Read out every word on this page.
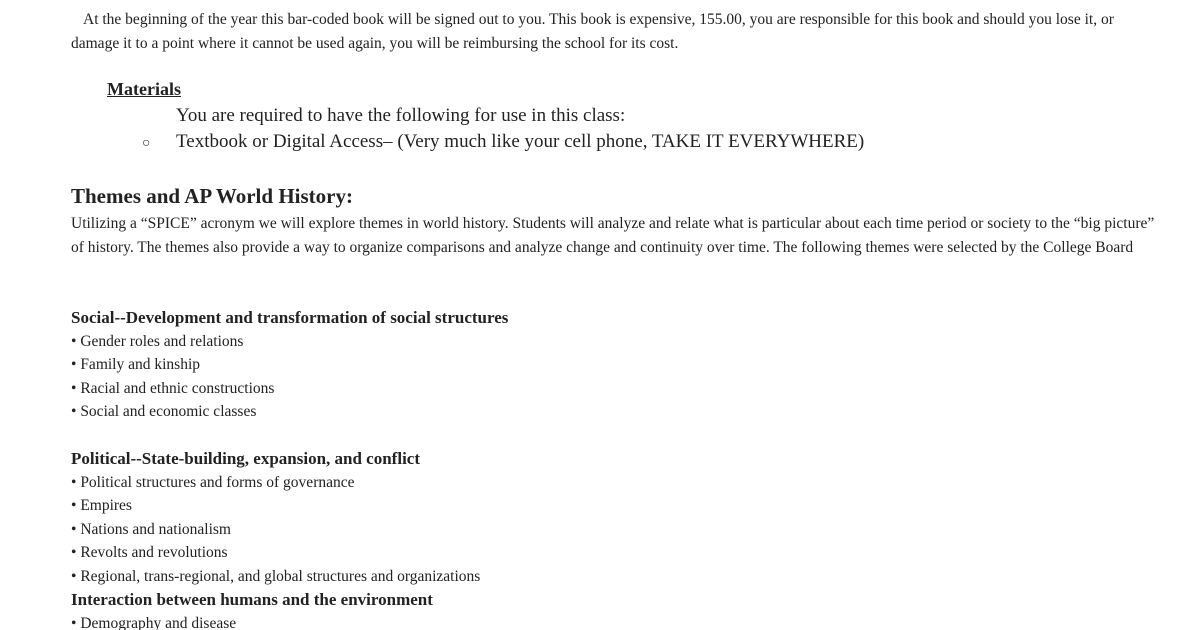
At the beginning of the year this bar-coded book will be signed out to you. This book is expensive, 155.00, you are responsible for this book and should you lose it, or damage it to a point where it cannot be used again, you will be reimbursing the school for its cost.

Materials

You are required to have the following for use in this class:

○ Textbook or Digital Access– (Very much like your cell phone, TAKE IT EVERYWHERE)

Themes and AP World History:

Utilizing a “SPICE” acronym we will explore themes in world history. Students will analyze and relate what is particular about each time period or society to the “big picture” of history. The themes also provide a way to organize comparisons and analyze change and continuity over time. The following themes were selected by the College Board

Social--Development and transformation of social structures

• Gender roles and relations
• Family and kinship
• Racial and ethnic constructions
• Social and economic classes

Political--State-building, expansion, and conflict

• Political structures and forms of governance
• Empires
• Nations and nationalism
• Revolts and revolutions
• Regional, trans-regional, and global structures and organizations

Interaction between humans and the environment

• Demography and disease
